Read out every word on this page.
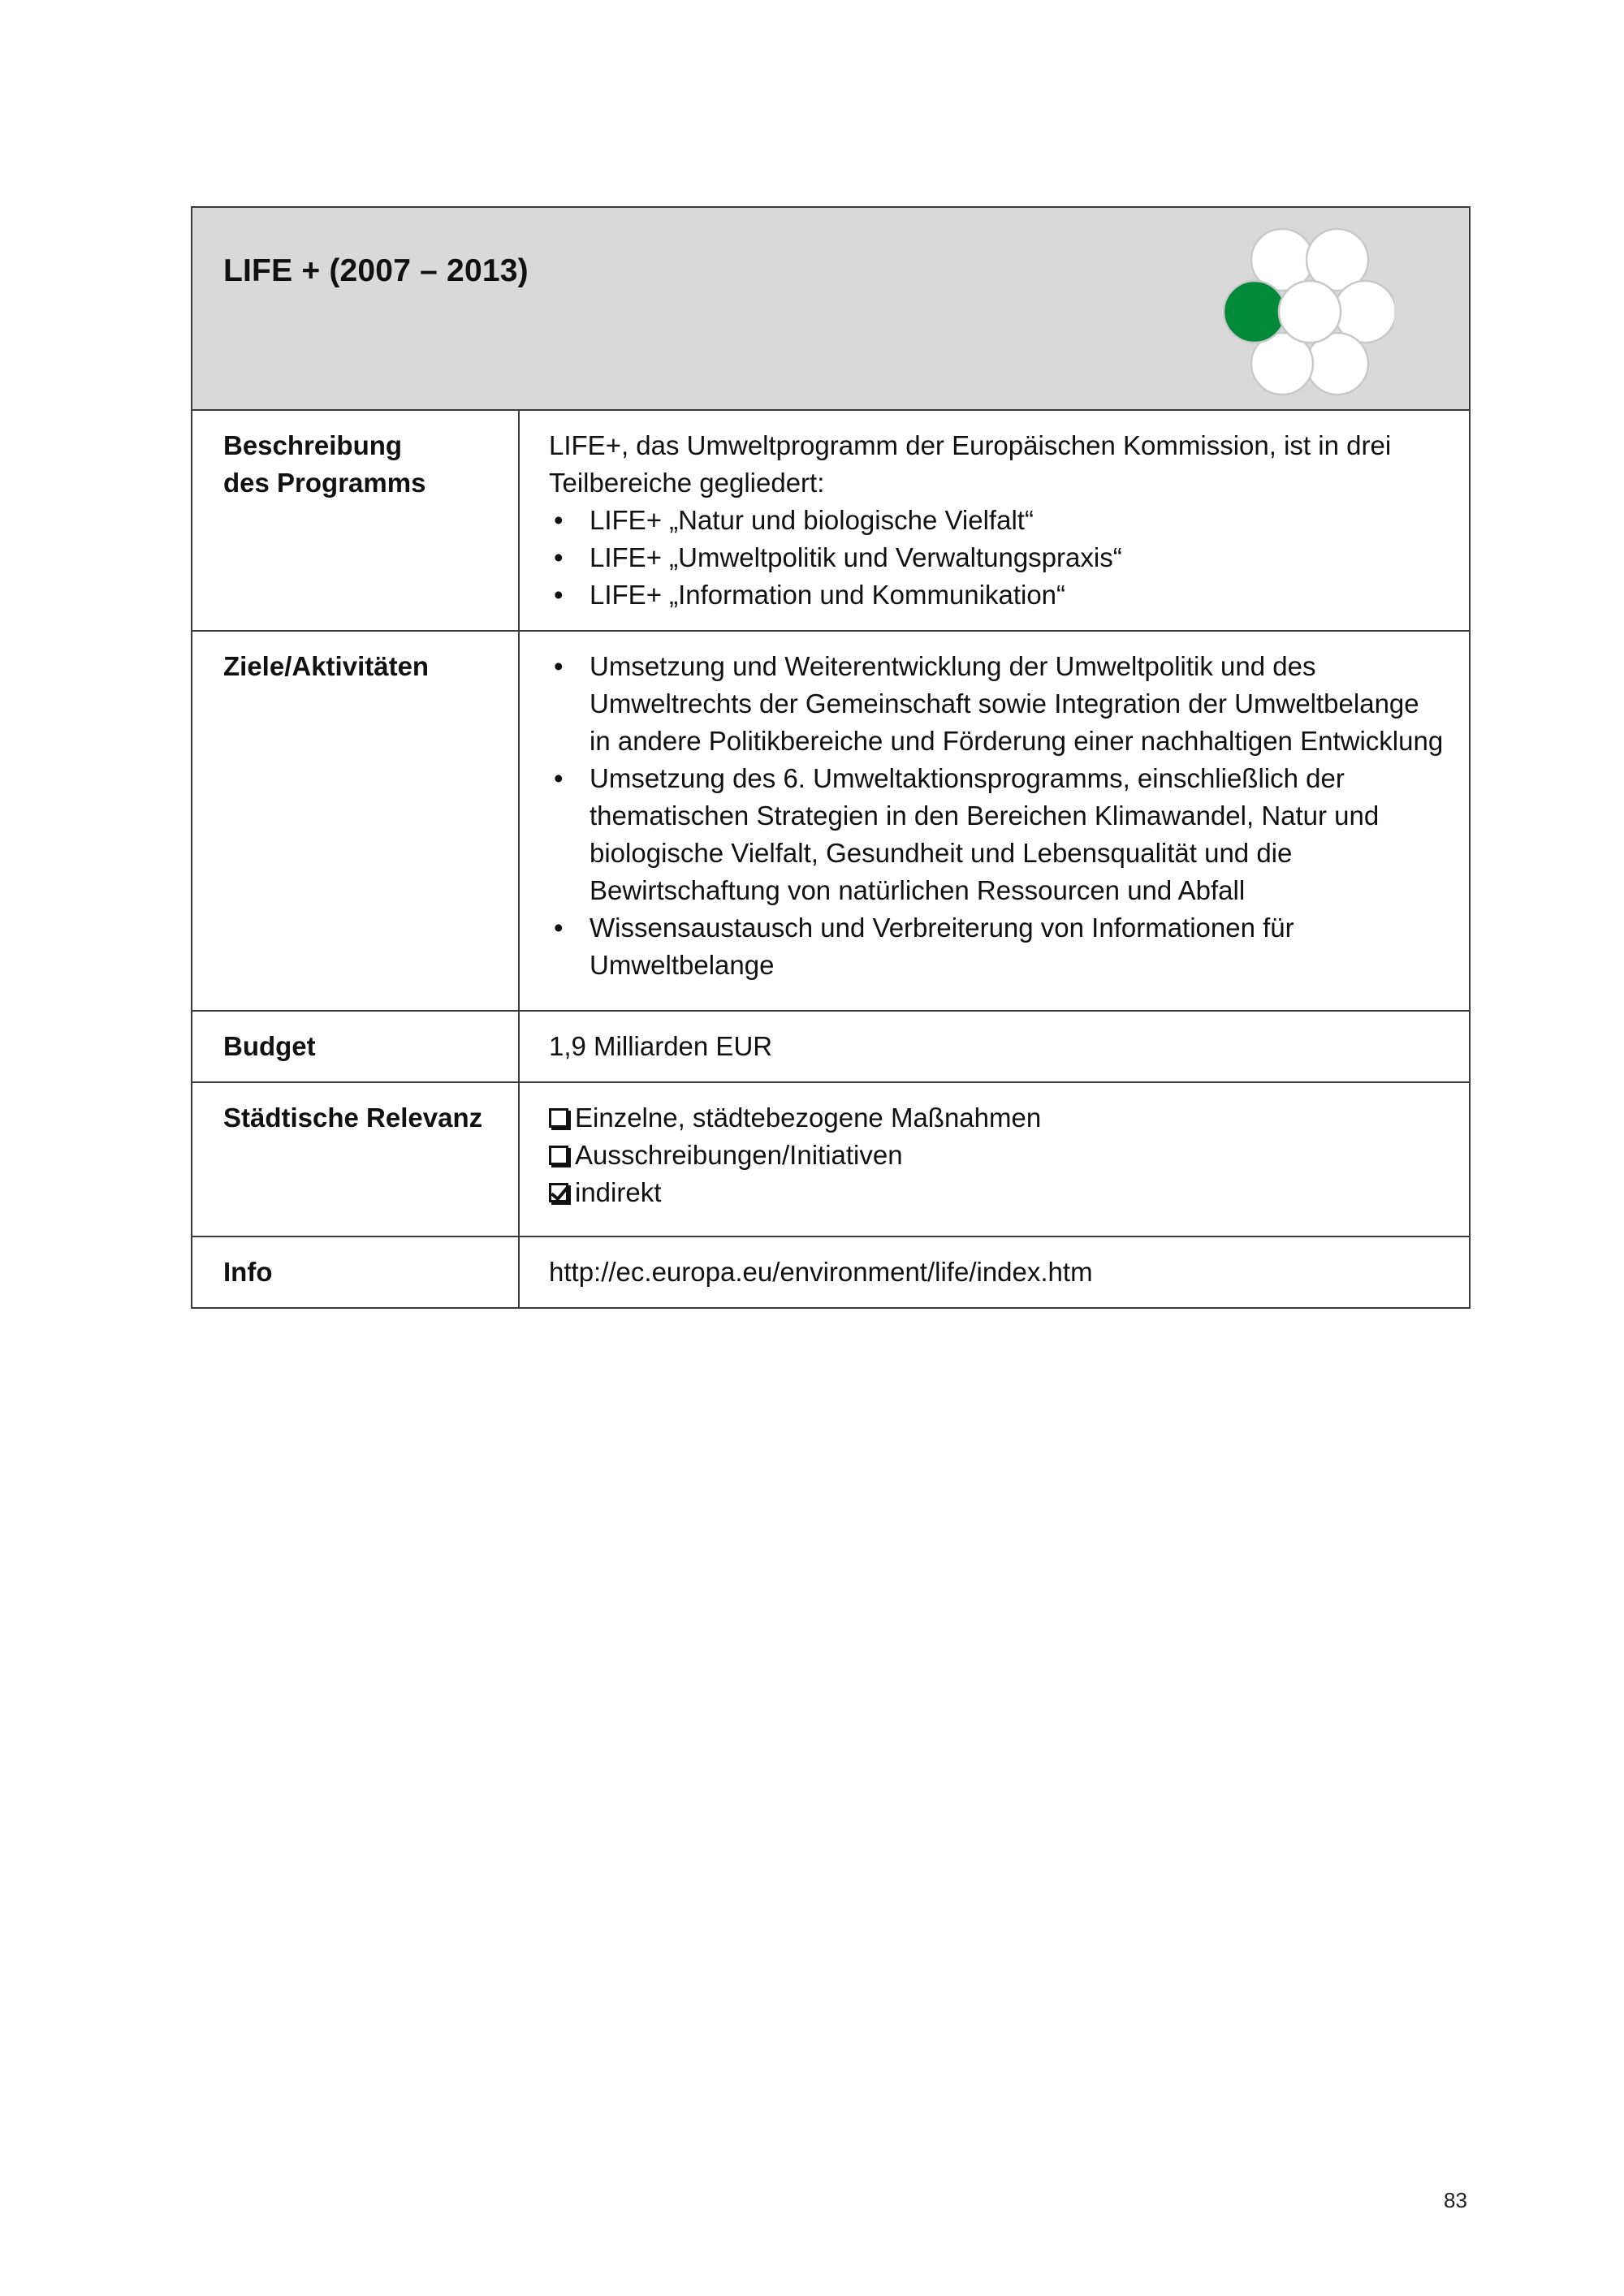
LIFE + (2007 – 2013)
Beschreibung
des Programms
LIFE+, das Umweltprogramm der Europäischen Kommission, ist in drei
Teilbereiche gegliedert:
• LIFE+ „Natur und biologische Vielfalt“
• LIFE+ „Umweltpolitik und Verwaltungspraxis“
• LIFE+ „Information und Kommunikation“
Ziele/Aktivitäten
•	Umsetzung und Weiterentwicklung der Umweltpolitik und des Umweltrechts der Gemeinschaft sowie Integration der Umweltbelange in andere Politikbereiche und Förderung einer nachhaltigen Entwicklung
• Umsetzung des 6. Umweltaktionsprogramms, einschließlich der thematischen Strategien in den Bereichen Klimawandel, Natur und biologische Vielfalt, Gesundheit und Lebensqualität und die Bewirtschaftung von natürlichen Ressourcen und Abfall
• Wissensaustausch und Verbreiterung von Informationen für Umweltbelange
Budget	1,9 Milliarden EUR
Städtische Relevanz	Einzelne, städtebezogene Maßnahmen
Ausschreibungen/Initiativen
indirekt
Info	http://ec.europa.eu/environment/life/index.htm
83
